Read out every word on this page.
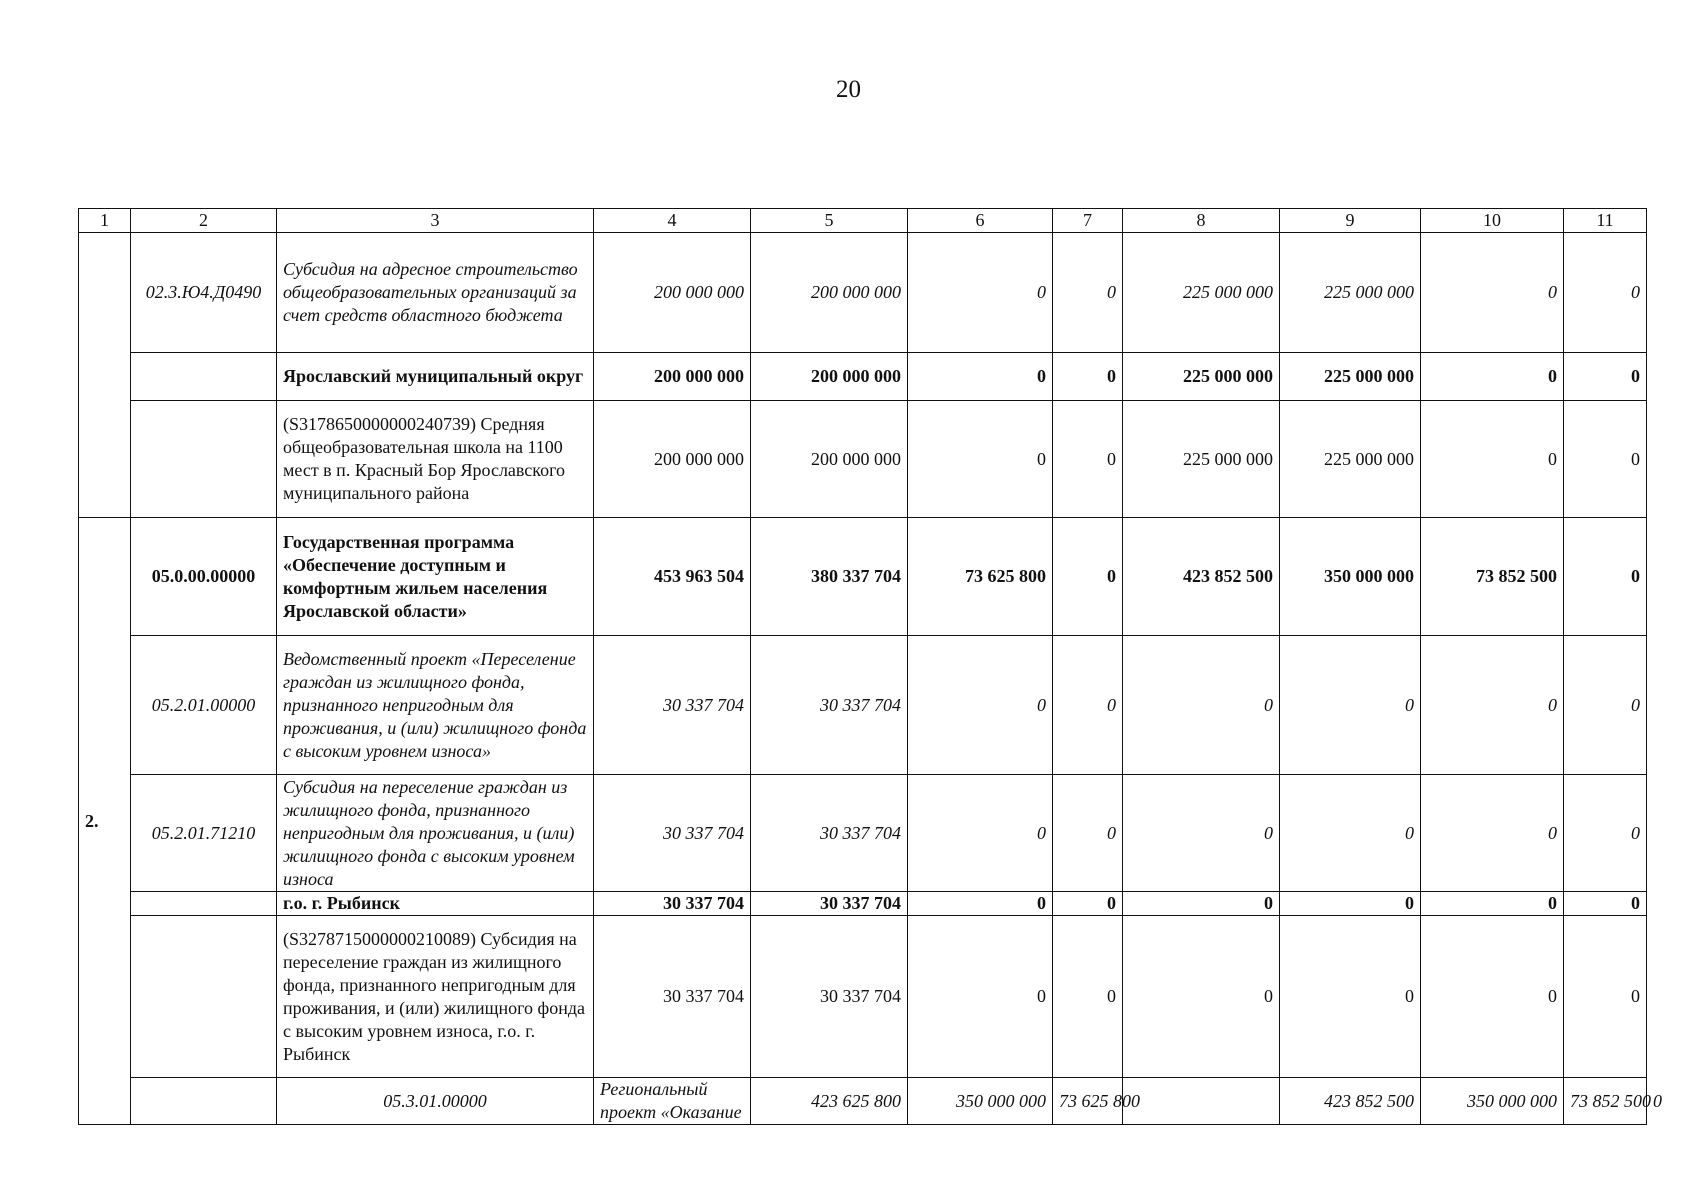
20
1	2	3	4	5	6	7	8	9	10	11	
	02.3.Ю4.Д0490	Субсидия на адресное строительство общеобразовательных организаций за счет средств областного бюджета	200 000 000	200 000 000	0	0	225 000 000	225 000 000	0	0	
		Ярославский муниципальный округ	200 000 000	200 000 000	0	0	225 000 000	225 000 000	0	0	
		(S3178650000000240739) Средняя общеобразовательная школа на 1100 мест в п. Красный Бор Ярославского муниципального района	200 000 000	200 000 000	0	0	225 000 000	225 000 000	0	0	
2.	05.0.00.00000	Государственная программа «Обеспечение доступным и комфортным жильем населения Ярославской области»	453 963 504	380 337 704	73 625 800	0	423 852 500	350 000 000	73 852 500	0	
	05.2.01.00000	Ведомственный проект «Переселение граждан из жилищного фонда, признанного непригодным для проживания, и (или) жилищного фонда с высоким уровнем износа»	30 337 704	30 337 704	0	0	0	0	0	0	
	05.2.01.71210	Субсидия на переселение граждан из жилищного фонда, признанного непригодным для проживания, и (или) жилищного фонда с высоким уровнем износа	30 337 704	30 337 704	0	0	0	0	0	0	
		г.о. г. Рыбинск	30 337 704	30 337 704	0	0	0	0	0	0	
		(S3278715000000210089) Субсидия на переселение граждан из жилищного фонда, признанного непригодным для проживания, и (или) жилищного фонда с высоким уровнем износа, г.о. г. Рыбинск	30 337 704	30 337 704	0	0	0	0	0	0	
		05.3.01.00000	Региональный проект «Оказание	423 625 800	350 000 000	73 625 800		423 852 500	350 000 000	73 852 500	0
